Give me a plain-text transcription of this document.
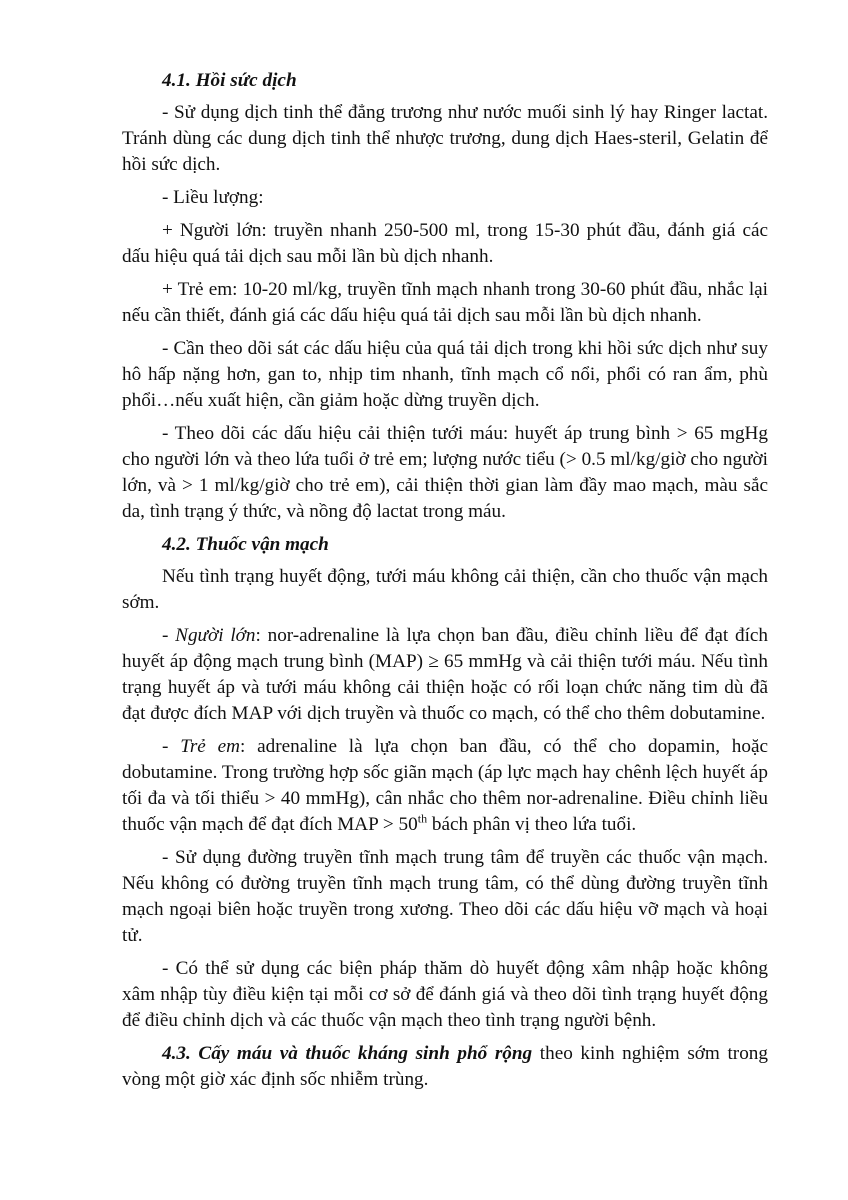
4.1. Hồi sức dịch

- Sử dụng dịch tinh thể đẳng trương như nước muối sinh lý hay Ringer lactat. Tránh dùng các dung dịch tinh thể nhược trương, dung dịch Haes-steril, Gelatin để hồi sức dịch.

- Liều lượng:

+ Người lớn: truyền nhanh 250-500 ml, trong 15-30 phút đầu, đánh giá các dấu hiệu quá tải dịch sau mỗi lần bù dịch nhanh.

+ Trẻ em: 10-20 ml/kg, truyền tĩnh mạch nhanh trong 30-60 phút đầu, nhắc lại nếu cần thiết, đánh giá các dấu hiệu quá tải dịch sau mỗi lần bù dịch nhanh.

- Cần theo dõi sát các dấu hiệu của quá tải dịch trong khi hồi sức dịch như suy hô hấp nặng hơn, gan to, nhịp tim nhanh, tĩnh mạch cổ nổi, phổi có ran ẩm, phù phổi…nếu xuất hiện, cần giảm hoặc dừng truyền dịch.

- Theo dõi các dấu hiệu cải thiện tưới máu: huyết áp trung bình > 65 mgHg cho người lớn và theo lứa tuổi ở trẻ em; lượng nước tiểu (> 0.5 ml/kg/giờ cho người lớn, và > 1 ml/kg/giờ cho trẻ em), cải thiện thời gian làm đầy mao mạch, màu sắc da, tình trạng ý thức, và nồng độ lactat trong máu.

4.2. Thuốc vận mạch

Nếu tình trạng huyết động, tưới máu không cải thiện, cần cho thuốc vận mạch sớm.

- Người lớn: nor-adrenaline là lựa chọn ban đầu, điều chỉnh liều để đạt đích huyết áp động mạch trung bình (MAP) ≥ 65 mmHg và cải thiện tưới máu. Nếu tình trạng huyết áp và tưới máu không cải thiện hoặc có rối loạn chức năng tim dù đã đạt được đích MAP với dịch truyền và thuốc co mạch, có thể cho thêm dobutamine.

- Trẻ em: adrenaline là lựa chọn ban đầu, có thể cho dopamin, hoặc dobutamine. Trong trường hợp sốc giãn mạch (áp lực mạch hay chênh lệch huyết áp tối đa và tối thiểu > 40 mmHg), cân nhắc cho thêm nor-adrenaline. Điều chỉnh liều thuốc vận mạch để đạt đích MAP > 50th bách phân vị theo lứa tuổi.

- Sử dụng đường truyền tĩnh mạch trung tâm để truyền các thuốc vận mạch. Nếu không có đường truyền tĩnh mạch trung tâm, có thể dùng đường truyền tĩnh mạch ngoại biên hoặc truyền trong xương. Theo dõi các dấu hiệu vỡ mạch và hoại tử.

- Có thể sử dụng các biện pháp thăm dò huyết động xâm nhập hoặc không xâm nhập tùy điều kiện tại mỗi cơ sở để đánh giá và theo dõi tình trạng huyết động để điều chỉnh dịch và các thuốc vận mạch theo tình trạng người bệnh.

4.3. Cấy máu và thuốc kháng sinh phổ rộng theo kinh nghiệm sớm trong vòng một giờ xác định sốc nhiễm trùng.
